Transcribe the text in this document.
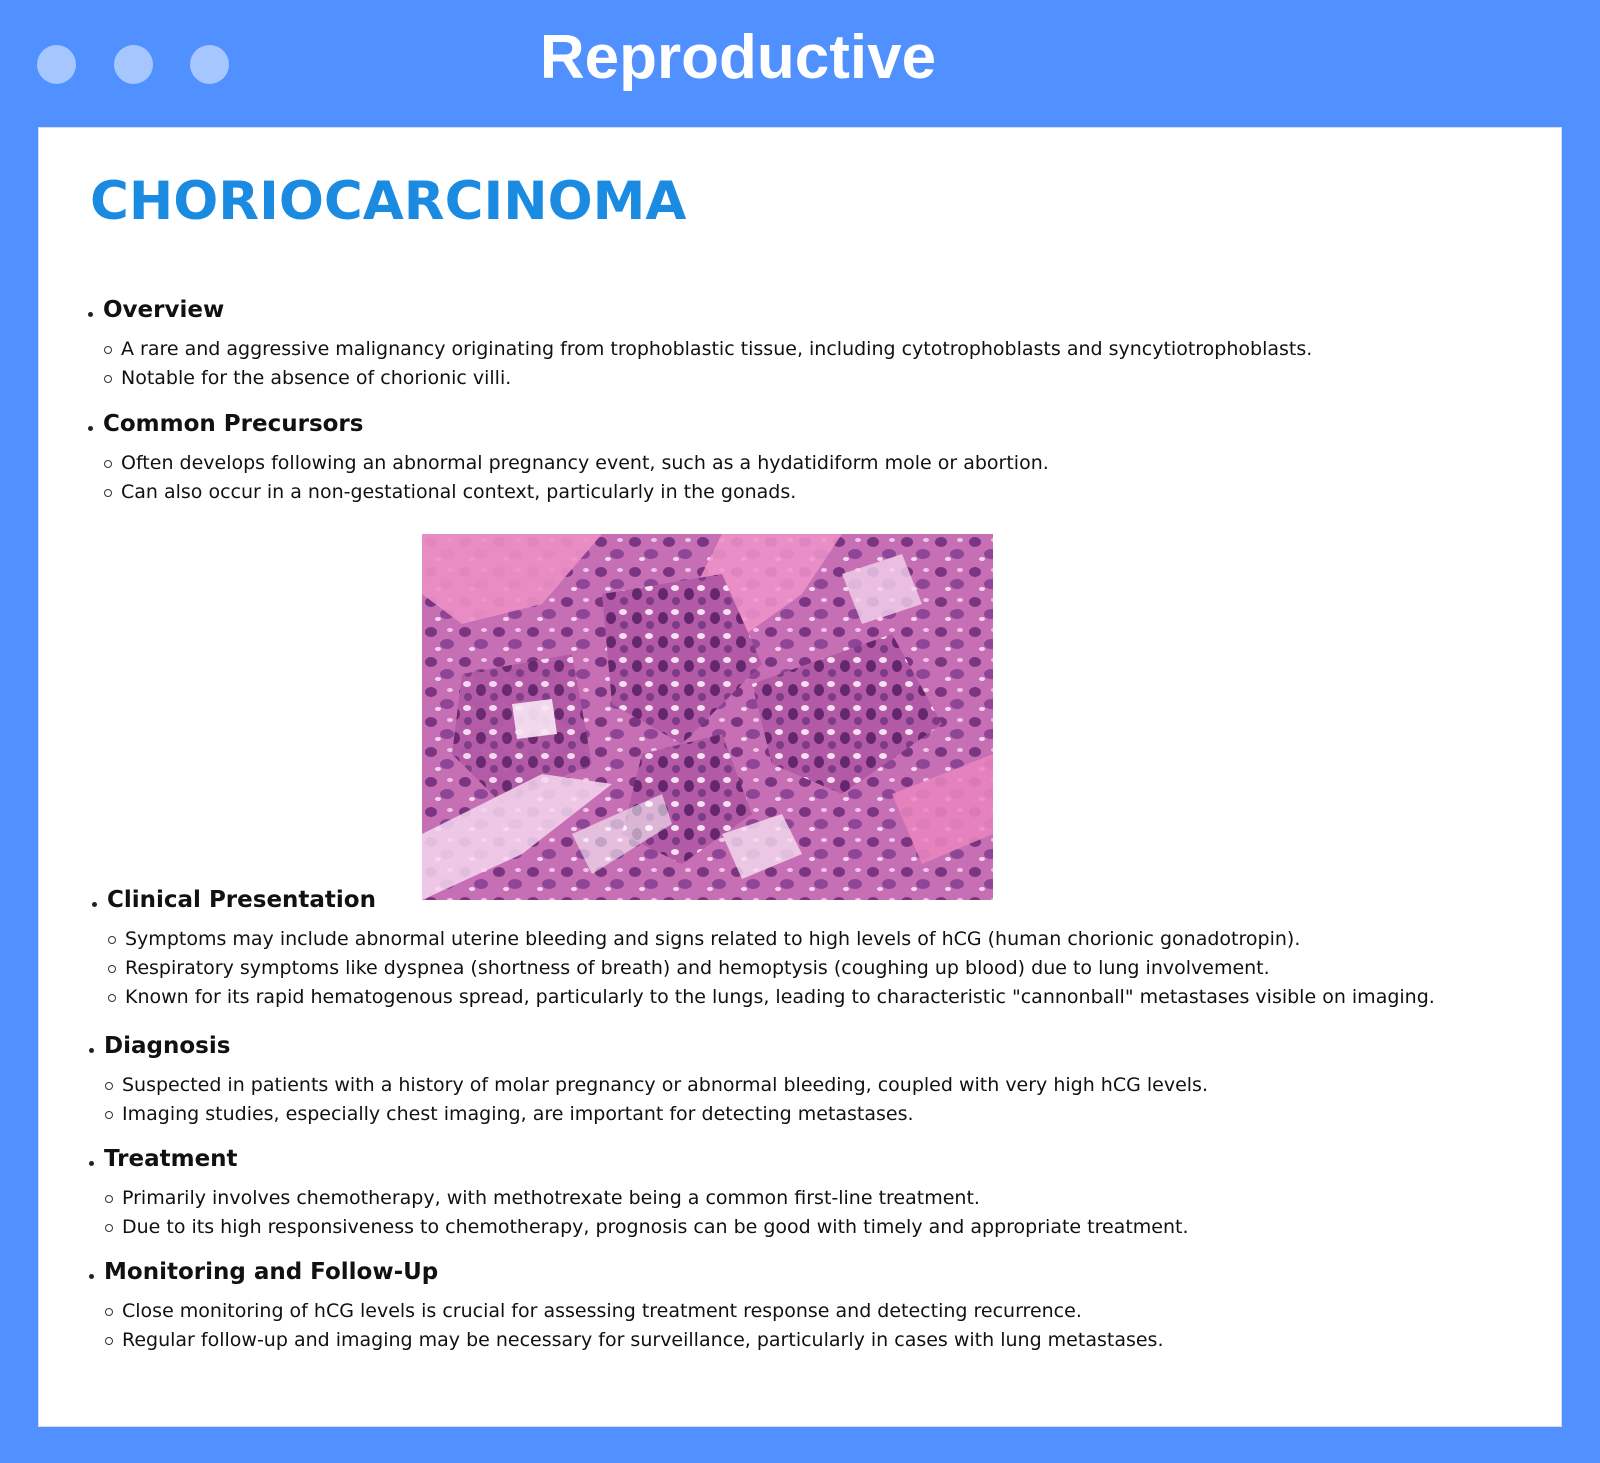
Reproductive
CHORIOCARCINOMA
Overview
A rare and aggressive malignancy originating from trophoblastic tissue, including cytotrophoblasts and syncytiotrophoblasts.
Notable for the absence of chorionic villi.
Common Precursors
Often develops following an abnormal pregnancy event, such as a hydatidiform mole or abortion.
Can also occur in a non-gestational context, particularly in the gonads.
Clinical Presentation
Symptoms may include abnormal uterine bleeding and signs related to high levels of hCG (human chorionic gonadotropin).
Respiratory symptoms like dyspnea (shortness of breath) and hemoptysis (coughing up blood) due to lung involvement.
Known for its rapid hematogenous spread, particularly to the lungs, leading to characteristic "cannonball" metastases visible on imaging.
Diagnosis
Suspected in patients with a history of molar pregnancy or abnormal bleeding, coupled with very high hCG levels.
Imaging studies, especially chest imaging, are important for detecting metastases.
Treatment
Primarily involves chemotherapy, with methotrexate being a common first-line treatment.
Due to its high responsiveness to chemotherapy, prognosis can be good with timely and appropriate treatment.
Monitoring and Follow-Up
Close monitoring of hCG levels is crucial for assessing treatment response and detecting recurrence.
Regular follow-up and imaging may be necessary for surveillance, particularly in cases with lung metastases.
